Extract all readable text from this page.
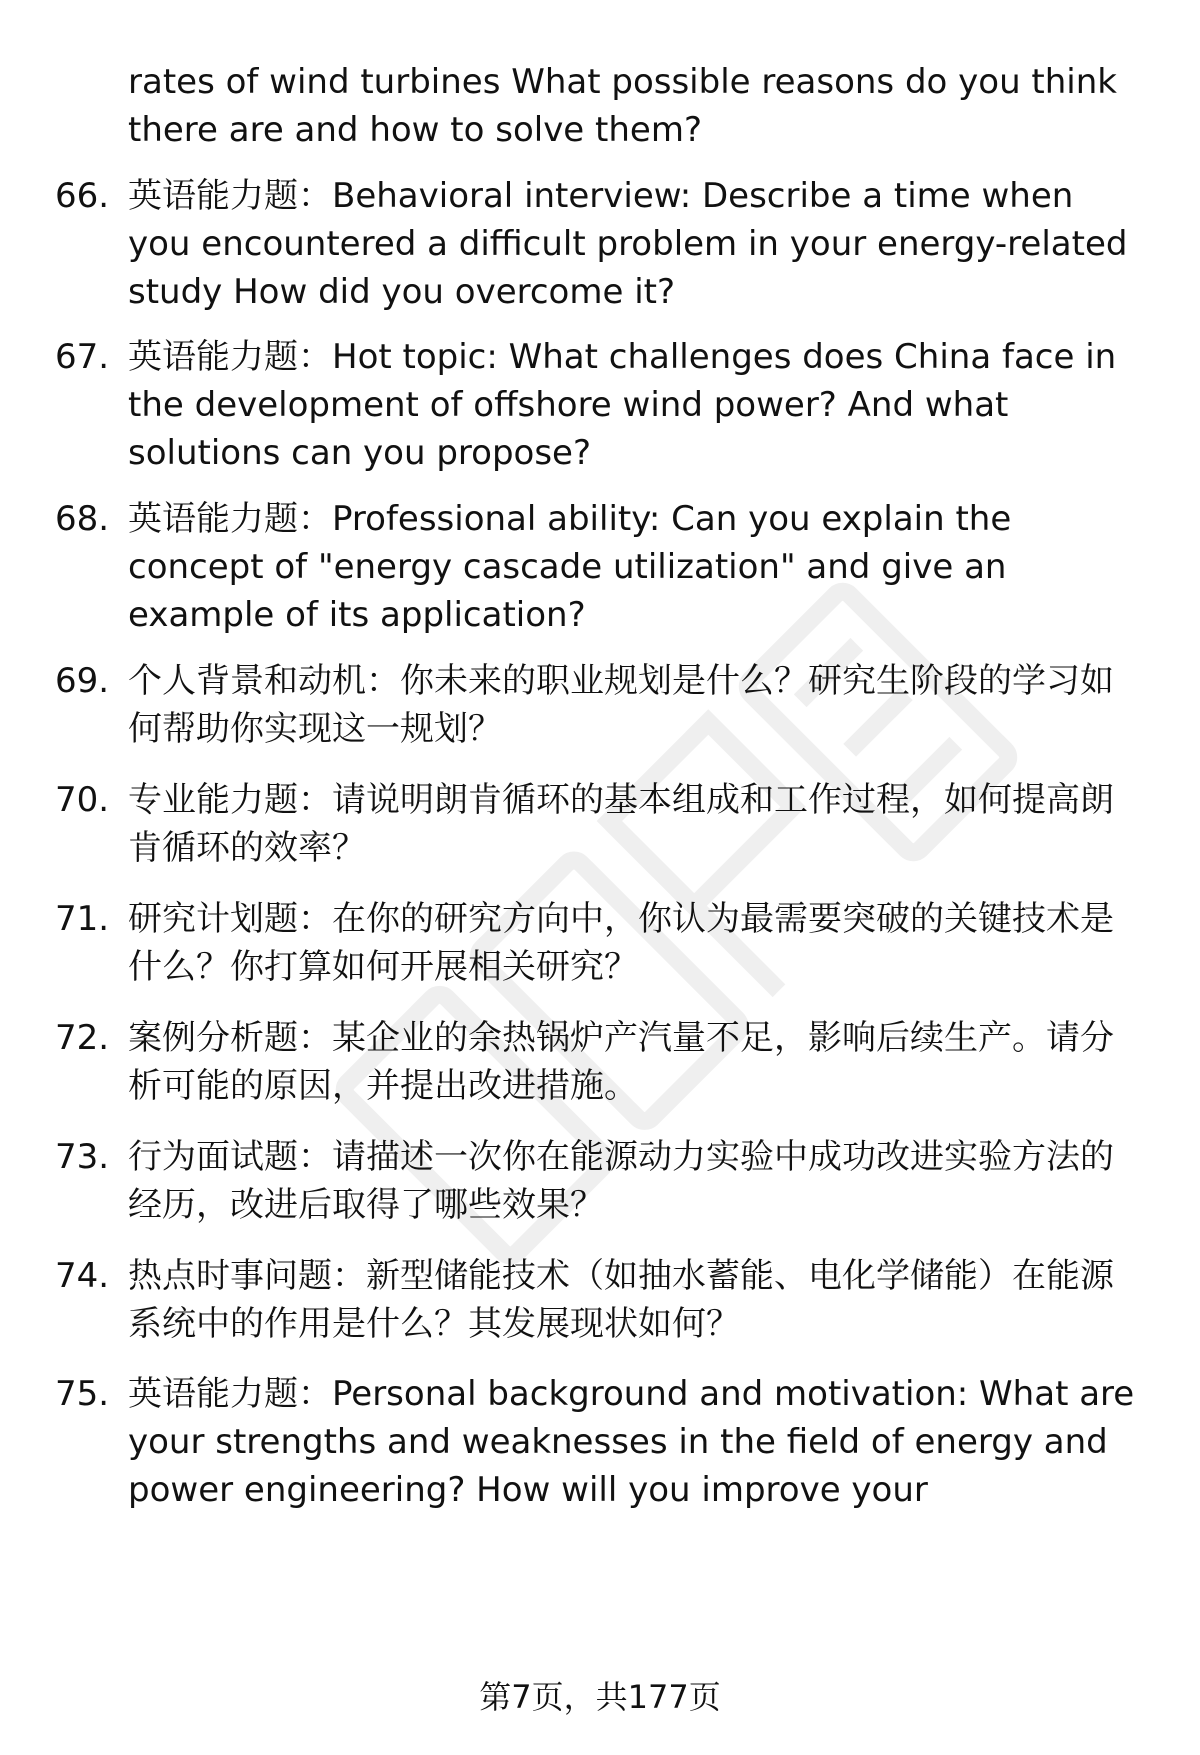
rates of wind turbines What possible reasons do you think there are and how to solve them?
66. 英语能力题：Behavioral interview: Describe a time when you encountered a difficult problem in your energy-related study How did you overcome it?
67. 英语能力题：Hot topic: What challenges does China face in the development of offshore wind power? And what solutions can you propose?
68. 英语能力题：Professional ability: Can you explain the concept of "energy cascade utilization" and give an example of its application?
69. 个人背景和动机：你未来的职业规划是什么？研究生阶段的学习如何帮助你实现这一规划？
70. 专业能力题：请说明朗肯循环的基本组成和工作过程，如何提高朗肯循环的效率？
71. 研究计划题：在你的研究方向中，你认为最需要突破的关键技术是什么？你打算如何开展相关研究？
72. 案例分析题：某企业的余热锅炉产汽量不足，影响后续生产。请分析可能的原因，并提出改进措施。
73. 行为面试题：请描述一次你在能源动力实验中成功改进实验方法的经历，改进后取得了哪些效果？
74. 热点时事问题：新型储能技术（如抽水蓄能、电化学储能）在能源系统中的作用是什么？其发展现状如何？
75. 英语能力题：Personal background and motivation: What are your strengths and weaknesses in the field of energy and power engineering? How will you improve your
第7页，共177页
